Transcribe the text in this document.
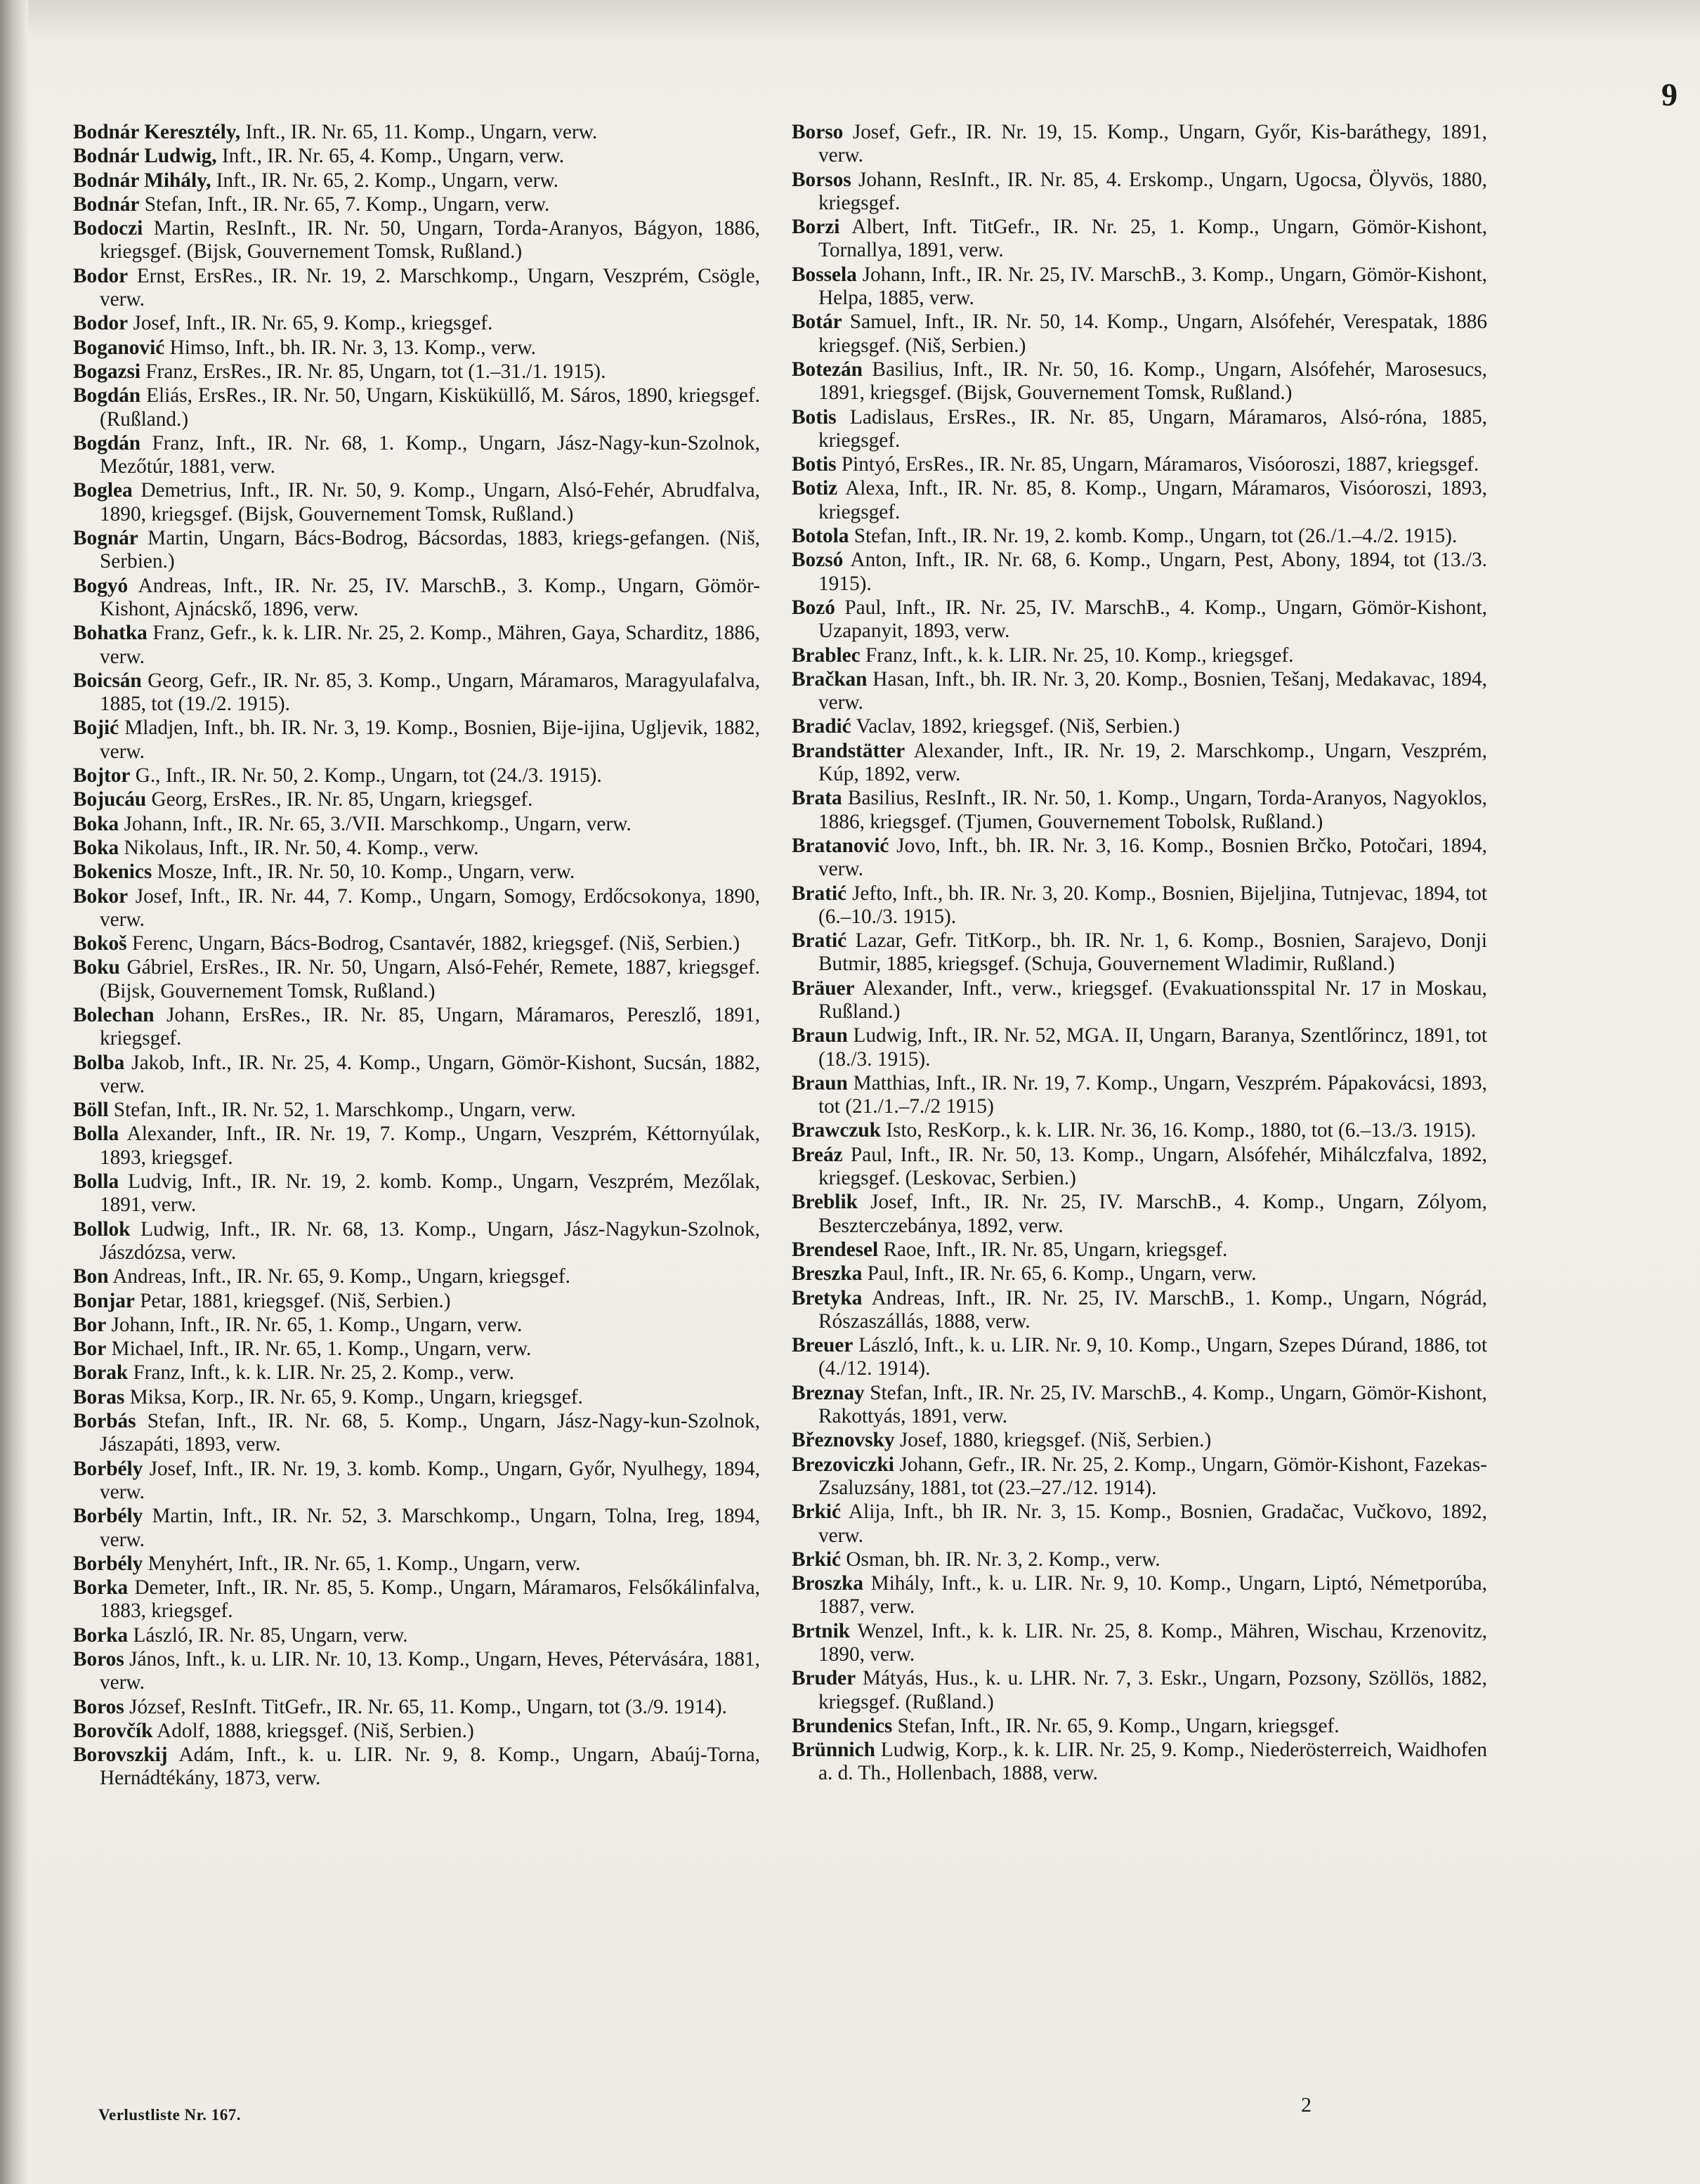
9

Bodnár Keresztély, Inft., IR. Nr. 65, 11. Komp., Ungarn, verw.

Bodnár Ludwig, Inft., IR. Nr. 65, 4. Komp., Ungarn, verw.

Bodnár Mihály, Inft., IR. Nr. 65, 2. Komp., Ungarn, verw.

Bodnár Stefan, Inft., IR. Nr. 65, 7. Komp., Ungarn, verw.

Bodoczi Martin, ResInft., IR. Nr. 50, Ungarn, Torda-Aranyos, Bágyon, 1886, kriegsgef. (Bijsk, Gouvernement Tomsk, Rußland.)

Bodor Ernst, ErsRes., IR. Nr. 19, 2. Marschkomp., Ungarn, Veszprém, Csögle, verw.

Bodor Josef, Inft., IR. Nr. 65, 9. Komp., kriegsgef.

Boganović Himso, Inft., bh. IR. Nr. 3, 13. Komp., verw.

Bogazsi Franz, ErsRes., IR. Nr. 85, Ungarn, tot (1.–31./1. 1915).

Bogdán Eliás, ErsRes., IR. Nr. 50, Ungarn, Kisküküllő, M. Sáros, 1890, kriegsgef. (Rußland.)

Bogdán Franz, Inft., IR. Nr. 68, 1. Komp., Ungarn, Jász-Nagy-kun-Szolnok, Mezőtúr, 1881, verw.

Boglea Demetrius, Inft., IR. Nr. 50, 9. Komp., Ungarn, Alsó-Fehér, Abrudfalva, 1890, kriegsgef. (Bijsk, Gouvernement Tomsk, Rußland.)

Bognár Martin, Ungarn, Bács-Bodrog, Bácsordas, 1883, kriegs-gefangen. (Niš, Serbien.)

Bogyó Andreas, Inft., IR. Nr. 25, IV. MarschB., 3. Komp., Ungarn, Gömör-Kishont, Ajnácskő, 1896, verw.

Bohatka Franz, Gefr., k. k. LIR. Nr. 25, 2. Komp., Mähren, Gaya, Scharditz, 1886, verw.

Boicsán Georg, Gefr., IR. Nr. 85, 3. Komp., Ungarn, Máramaros, Maragyulafalva, 1885, tot (19./2. 1915).

Bojić Mladjen, Inft., bh. IR. Nr. 3, 19. Komp., Bosnien, Bije-ijina, Ugljevik, 1882, verw.

Bojtor G., Inft., IR. Nr. 50, 2. Komp., Ungarn, tot (24./3. 1915).

Bojucáu Georg, ErsRes., IR. Nr. 85, Ungarn, kriegsgef.

Boka Johann, Inft., IR. Nr. 65, 3./VII. Marschkomp., Ungarn, verw.

Boka Nikolaus, Inft., IR. Nr. 50, 4. Komp., verw.

Bokenics Mosze, Inft., IR. Nr. 50, 10. Komp., Ungarn, verw.

Bokor Josef, Inft., IR. Nr. 44, 7. Komp., Ungarn, Somogy, Erdőcsokonya, 1890, verw.

Bokoš Ferenc, Ungarn, Bács-Bodrog, Csantavér, 1882, kriegsgef. (Niš, Serbien.)

Boku Gábriel, ErsRes., IR. Nr. 50, Ungarn, Alsó-Fehér, Remete, 1887, kriegsgef. (Bijsk, Gouvernement Tomsk, Rußland.)

Bolechan Johann, ErsRes., IR. Nr. 85, Ungarn, Máramaros, Pereszlő, 1891, kriegsgef.

Bolba Jakob, Inft., IR. Nr. 25, 4. Komp., Ungarn, Gömör-Kishont, Sucsán, 1882, verw.

Böll Stefan, Inft., IR. Nr. 52, 1. Marschkomp., Ungarn, verw.

Bolla Alexander, Inft., IR. Nr. 19, 7. Komp., Ungarn, Veszprém, Kéttornyúlak, 1893, kriegsgef.

Bolla Ludvig, Inft., IR. Nr. 19, 2. komb. Komp., Ungarn, Veszprém, Mezőlak, 1891, verw.

Bollok Ludwig, Inft., IR. Nr. 68, 13. Komp., Ungarn, Jász-Nagykun-Szolnok, Jászdózsa, verw.

Bon Andreas, Inft., IR. Nr. 65, 9. Komp., Ungarn, kriegsgef.

Bonjar Petar, 1881, kriegsgef. (Niš, Serbien.)

Bor Johann, Inft., IR. Nr. 65, 1. Komp., Ungarn, verw.

Bor Michael, Inft., IR. Nr. 65, 1. Komp., Ungarn, verw.

Borak Franz, Inft., k. k. LIR. Nr. 25, 2. Komp., verw.

Boras Miksa, Korp., IR. Nr. 65, 9. Komp., Ungarn, kriegsgef.

Borbás Stefan, Inft., IR. Nr. 68, 5. Komp., Ungarn, Jász-Nagy-kun-Szolnok, Jászapáti, 1893, verw.

Borbély Josef, Inft., IR. Nr. 19, 3. komb. Komp., Ungarn, Győr, Nyulhegy, 1894, verw.

Borbély Martin, Inft., IR. Nr. 52, 3. Marschkomp., Ungarn, Tolna, Ireg, 1894, verw.

Borbély Menyhért, Inft., IR. Nr. 65, 1. Komp., Ungarn, verw.

Borka Demeter, Inft., IR. Nr. 85, 5. Komp., Ungarn, Máramaros, Felsőkálinfalva, 1883, kriegsgef.

Borka László, IR. Nr. 85, Ungarn, verw.

Boros János, Inft., k. u. LIR. Nr. 10, 13. Komp., Ungarn, Heves, Pétervására, 1881, verw.

Boros József, ResInft. TitGefr., IR. Nr. 65, 11. Komp., Ungarn, tot (3./9. 1914).

Borovčík Adolf, 1888, kriegsgef. (Niš, Serbien.)

Borovszkij Adám, Inft., k. u. LIR. Nr. 9, 8. Komp., Ungarn, Abaúj-Torna, Hernádtékány, 1873, verw.

Borso Josef, Gefr., IR. Nr. 19, 15. Komp., Ungarn, Győr, Kis-baráthegy, 1891, verw.

Borsos Johann, ResInft., IR. Nr. 85, 4. Erskomp., Ungarn, Ugocsa, Ölyvös, 1880, kriegsgef.

Borzi Albert, Inft. TitGefr., IR. Nr. 25, 1. Komp., Ungarn, Gömör-Kishont, Tornallya, 1891, verw.

Bossela Johann, Inft., IR. Nr. 25, IV. MarschB., 3. Komp., Ungarn, Gömör-Kishont, Helpa, 1885, verw.

Botár Samuel, Inft., IR. Nr. 50, 14. Komp., Ungarn, Alsófehér, Verespatak, 1886 kriegsgef. (Niš, Serbien.)

Botezán Basilius, Inft., IR. Nr. 50, 16. Komp., Ungarn, Alsófehér, Marosesucs, 1891, kriegsgef. (Bijsk, Gouvernement Tomsk, Rußland.)

Botis Ladislaus, ErsRes., IR. Nr. 85, Ungarn, Máramaros, Alsó-róna, 1885, kriegsgef.

Botis Pintyó, ErsRes., IR. Nr. 85, Ungarn, Máramaros, Visóoroszi, 1887, kriegsgef.

Botiz Alexa, Inft., IR. Nr. 85, 8. Komp., Ungarn, Máramaros, Visóoroszi, 1893, kriegsgef.

Botola Stefan, Inft., IR. Nr. 19, 2. komb. Komp., Ungarn, tot (26./1.–4./2. 1915).

Bozsó Anton, Inft., IR. Nr. 68, 6. Komp., Ungarn, Pest, Abony, 1894, tot (13./3. 1915).

Bozó Paul, Inft., IR. Nr. 25, IV. MarschB., 4. Komp., Ungarn, Gömör-Kishont, Uzapanyit, 1893, verw.

Brablec Franz, Inft., k. k. LIR. Nr. 25, 10. Komp., kriegsgef.

Bračkan Hasan, Inft., bh. IR. Nr. 3, 20. Komp., Bosnien, Tešanj, Medakavac, 1894, verw.

Bradić Vaclav, 1892, kriegsgef. (Niš, Serbien.)

Brandstätter Alexander, Inft., IR. Nr. 19, 2. Marschkomp., Ungarn, Veszprém, Kúp, 1892, verw.

Brata Basilius, ResInft., IR. Nr. 50, 1. Komp., Ungarn, Torda-Aranyos, Nagyoklos, 1886, kriegsgef. (Tjumen, Gouvernement Tobolsk, Rußland.)

Bratanović Jovo, Inft., bh. IR. Nr. 3, 16. Komp., Bosnien Brčko, Potočari, 1894, verw.

Bratić Jefto, Inft., bh. IR. Nr. 3, 20. Komp., Bosnien, Bijeljina, Tutnjevac, 1894, tot (6.–10./3. 1915).

Bratić Lazar, Gefr. TitKorp., bh. IR. Nr. 1, 6. Komp., Bosnien, Sarajevo, Donji Butmir, 1885, kriegsgef. (Schuja, Gouvernement Wladimir, Rußland.)

Bräuer Alexander, Inft., verw., kriegsgef. (Evakuationsspital Nr. 17 in Moskau, Rußland.)

Braun Ludwig, Inft., IR. Nr. 52, MGA. II, Ungarn, Baranya, Szentlőrincz, 1891, tot (18./3. 1915).

Braun Matthias, Inft., IR. Nr. 19, 7. Komp., Ungarn, Veszprém. Pápakovácsi, 1893, tot (21./1.–7./2 1915)

Brawczuk Isto, ResKorp., k. k. LIR. Nr. 36, 16. Komp., 1880, tot (6.–13./3. 1915).

Breáz Paul, Inft., IR. Nr. 50, 13. Komp., Ungarn, Alsófehér, Mihálczfalva, 1892, kriegsgef. (Leskovac, Serbien.)

Breblik Josef, Inft., IR. Nr. 25, IV. MarschB., 4. Komp., Ungarn, Zólyom, Beszterczebánya, 1892, verw.

Brendesel Raoe, Inft., IR. Nr. 85, Ungarn, kriegsgef.

Breszka Paul, Inft., IR. Nr. 65, 6. Komp., Ungarn, verw.

Bretyka Andreas, Inft., IR. Nr. 25, IV. MarschB., 1. Komp., Ungarn, Nógrád, Rószaszállás, 1888, verw.

Breuer László, Inft., k. u. LIR. Nr. 9, 10. Komp., Ungarn, Szepes Dúrand, 1886, tot (4./12. 1914).

Breznay Stefan, Inft., IR. Nr. 25, IV. MarschB., 4. Komp., Ungarn, Gömör-Kishont, Rakottyás, 1891, verw.

Březnovsky Josef, 1880, kriegsgef. (Niš, Serbien.)

Brezoviczki Johann, Gefr., IR. Nr. 25, 2. Komp., Ungarn, Gömör-Kishont, Fazekas-Zsaluzsány, 1881, tot (23.–27./12. 1914).

Brkić Alija, Inft., bh IR. Nr. 3, 15. Komp., Bosnien, Gradačac, Vučkovo, 1892, verw.

Brkić Osman, bh. IR. Nr. 3, 2. Komp., verw.

Broszka Mihály, Inft., k. u. LIR. Nr. 9, 10. Komp., Ungarn, Liptó, Németporúba, 1887, verw.

Brtnik Wenzel, Inft., k. k. LIR. Nr. 25, 8. Komp., Mähren, Wischau, Krzenovitz, 1890, verw.

Bruder Mátyás, Hus., k. u. LHR. Nr. 7, 3. Eskr., Ungarn, Pozsony, Szöllös, 1882, kriegsgef. (Rußland.)

Brundenics Stefan, Inft., IR. Nr. 65, 9. Komp., Ungarn, kriegsgef.

Brünnich Ludwig, Korp., k. k. LIR. Nr. 25, 9. Komp., Niederösterreich, Waidhofen a. d. Th., Hollenbach, 1888, verw.

Verlustliste Nr. 167.	2
